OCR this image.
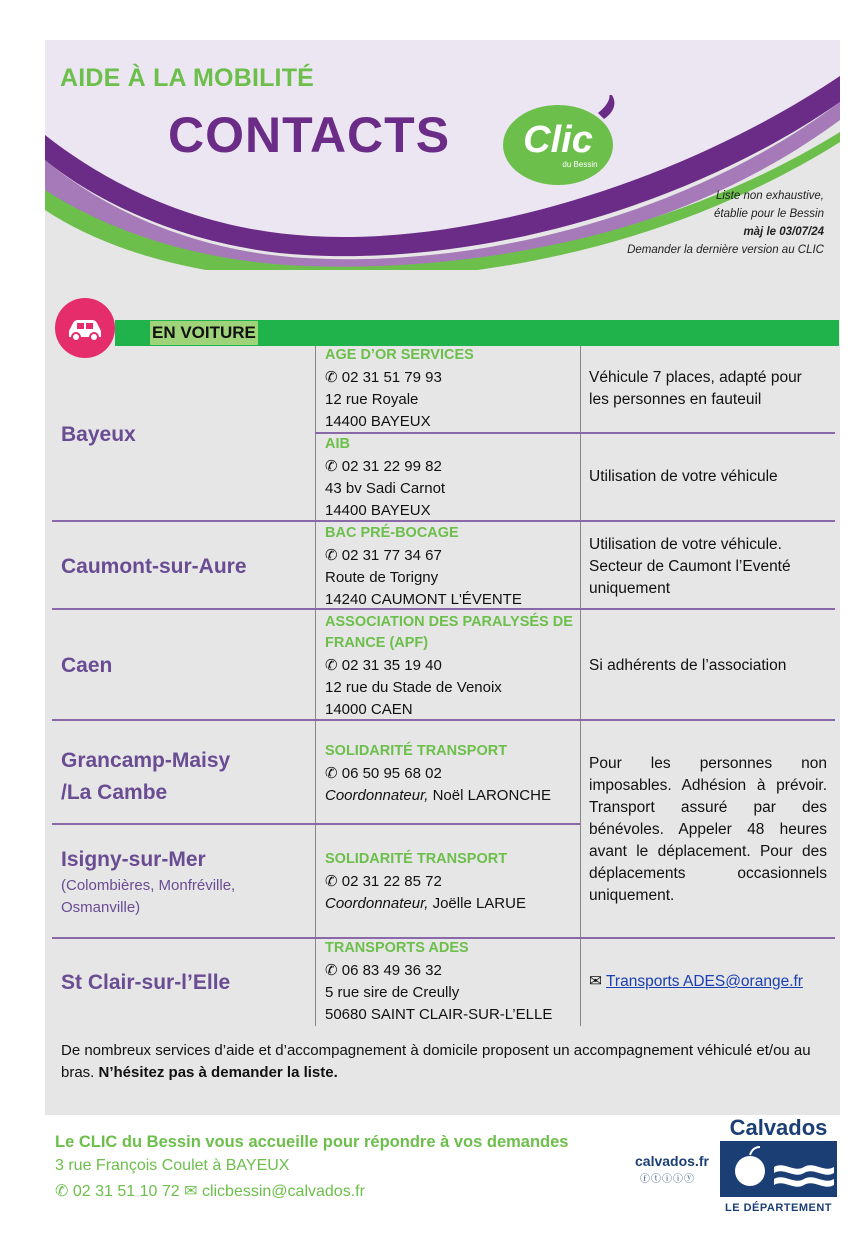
AIDE À LA MOBILITÉ
CONTACTS Clic
du Bessin
Liste non exhaustive,
établie pour le Bessin
màj le 03/07/24
Demander la dernière version au CLIC
EN VOITURE
Bayeux
AGE D’OR SERVICES
✆ 02 31 51 79 93
12 rue Royale
14400 BAYEUX
Véhicule 7 places, adapté pour
les personnes en fauteuil
AIB
✆ 02 31 22 99 82
43 bv Sadi Carnot
14400 BAYEUX
Utilisation de votre véhicule
Caumont-sur-Aure
BAC PRÉ-BOCAGE
✆ 02 31 77 34 67
Route de Torigny
14240 CAUMONT L'ÉVENTE
Utilisation de votre véhicule.
Secteur de Caumont l’Eventé
uniquement
Caen
ASSOCIATION DES PARALYSÉS DE
FRANCE (APF)
✆ 02 31 35 19 40
12 rue du Stade de Venoix
14000 CAEN
Si adhérents de l’association
Grancamp-Maisy
/La Cambe
SOLIDARITÉ TRANSPORT
✆ 06 50 95 68 02
Coordonnateur, Noël LARONCHE
Pour les personnes non imposables. Adhésion à prévoir. Transport assuré par des bénévoles. Appeler 48 heures avant le déplacement. Pour des déplacements occasionnels uniquement.
Isigny-sur-Mer
(Colombières, Monfréville,
Osmanville)
SOLIDARITÉ TRANSPORT
✆ 02 31 22 85 72
Coordonnateur, Joëlle LARUE
St Clair-sur-l’Elle
TRANSPORTS ADES
✆ 06 83 49 36 32
5 rue sire de Creully
50680 SAINT CLAIR-SUR-L’ELLE
✉ Transports ADES@orange.fr
De nombreux services d’aide et d’accompagnement à domicile proposent un accompagnement véhiculé et/ou au bras. N’hésitez pas à demander la liste.
Le CLIC du Bessin vous accueille pour répondre à vos demandes
3 rue François Coulet à BAYEUX
✆ 02 31 51 10 72 ✉ clicbessin@calvados.fr
calvados.fr
ⓕⓣⓘⓘⓨ
Calvados
LE DÉPARTEMENT
